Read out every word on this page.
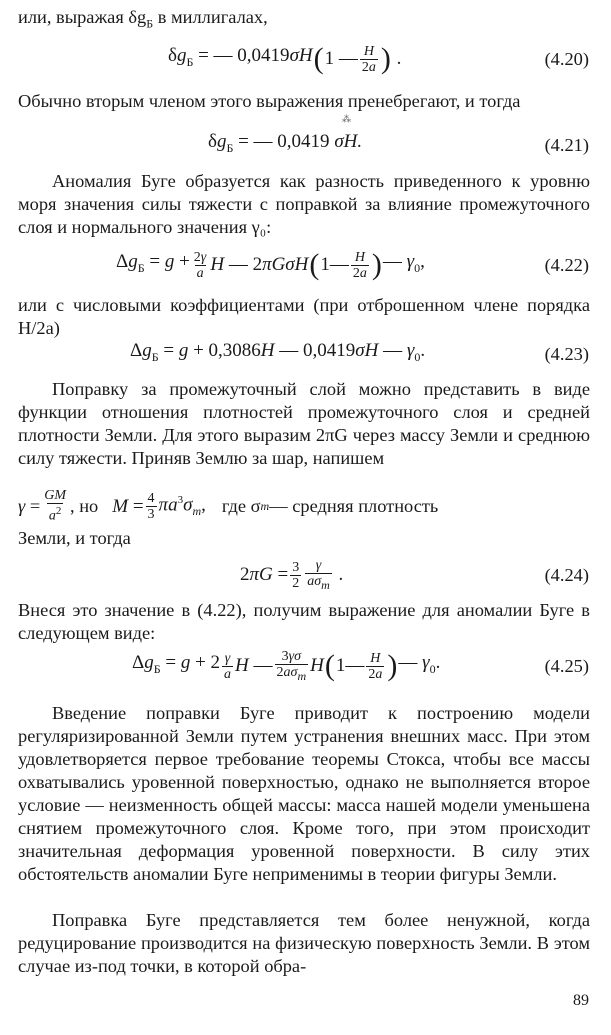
или, выражая $\delta g_Б$ в миллигалах,
$\delta g_Б$ = — 0,0419σH ( 1 — $\frac{H}{2a}$ ) .	(4.20)
Обычно вторым членом этого выражения пренебрегают, и тогда
⁂
$\delta g_Б$ = — 0,0419 σH.	(4.21)
Аномалия Буге образуется как разность приведенного к уровню моря значения силы тяжести с поправкой за влияние промежуточного слоя и нормального значения γ₀:
$\Delta g_Б = g + \frac{2\gamma}{a}$ H — 2πGσH ( 1— $\frac{H}{2a}$ ) — $\gamma_0$,	(4.22)
или с числовыми коэффициентами (при отброшенном члене порядка H/2a)
$\Delta g_Б = g + 0,3086H$ — 0,0419σH — $\gamma_0$.	(4.23)
Поправку за промежуточный слой можно представить в виде функции отношения плотностей промежуточного слоя и средней плотности Земли. Для этого выразим 2πG через массу Земли и среднюю силу тяжести. Приняв Землю за шар, напишем
$\gamma = \frac{GM}{a^2}$ , но $M = \frac{4}{3} \pi a^3\sigma_m$, где σ m — средняя плотность
Земли, и тогда
$2\pi G = \frac{3}{2} \frac{\gamma}{a\sigma_m}$ .	(4.24)
Внеся это значение в (4.22), получим выражение для аномалии Буге в следующем виде:
$\Delta g_Б = g + 2 \frac{\gamma}{a}$ H — $\frac{3\gamma\sigma}{2a\sigma_m}$ H ( 1— $\frac{H}{2a}$ ) — $\gamma_0$.	(4.25)
Введение поправки Буге приводит к построению модели регуляризированной Земли путем устранения внешних масс. При этом удовлетворяется первое требование теоремы Стокса, чтобы все массы охватывались уровенной поверхностью, однако не выполняется второе условие — неизменность общей массы: масса нашей модели уменьшена снятием промежуточного слоя. Кроме того, при этом происходит значительная деформация уровенной поверхности. В силу этих обстоятельств аномалии Буге неприменимы в теории фигуры Земли.
Поправка Буге представляется тем более ненужной, когда редуцирование производится на физическую поверхность Земли. В этом случае из-под точки, в которой обра-
89
